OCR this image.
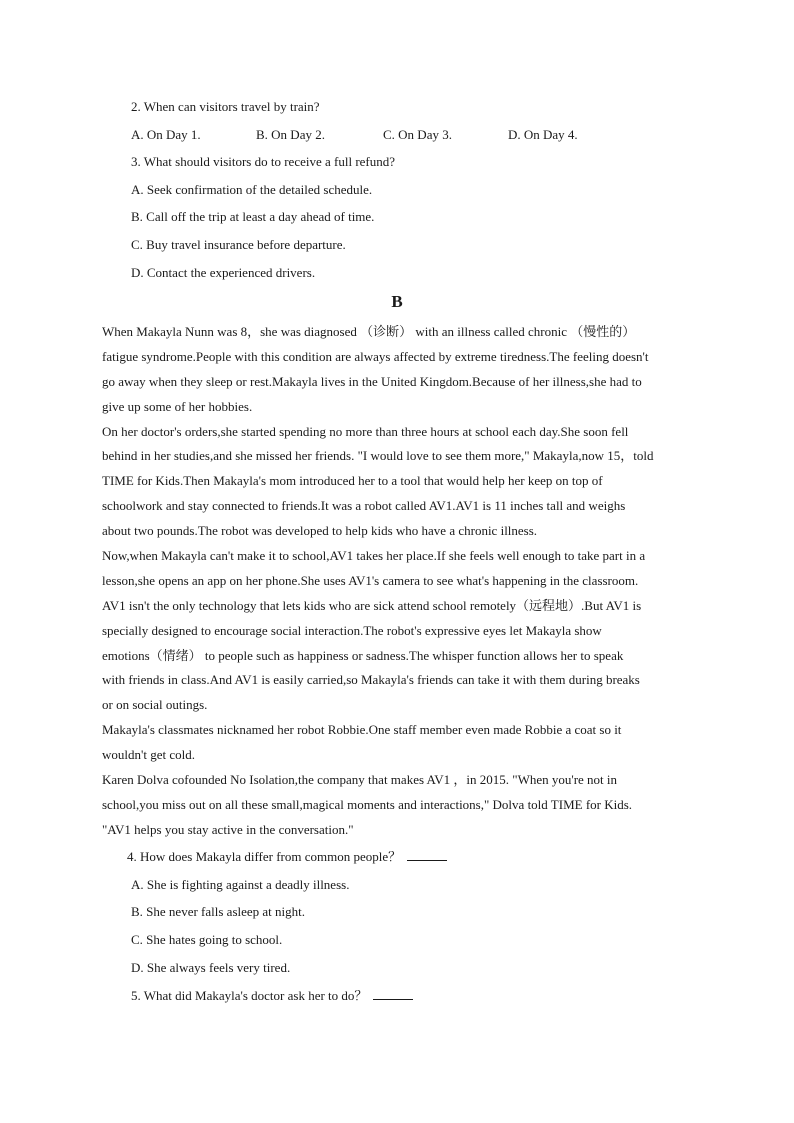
2. When can visitors travel by train?
A. On Day 1.	B. On Day 2.	C. On Day 3.	D. On Day 4.
3. What should visitors do to receive a full refund?
A. Seek confirmation of the detailed schedule.
B. Call off the trip at least a day ahead of time.
C. Buy travel insurance before departure.
D. Contact the experienced drivers.
B
When Makayla Nunn was 8，she was diagnosed （诊断） with an illness called chronic （慢性的）
fatigue syndrome.People with this condition are always affected by extreme tiredness.The feeling doesn't
go away when they sleep or rest.Makayla lives in the United Kingdom.Because of her illness,she had to
give up some of her hobbies.
On her doctor's orders,she started spending no more than three hours at school each day.She soon fell
behind in her studies,and she missed her friends. "I would love to see them more," Makayla,now 15，told
TIME for Kids.Then Makayla's mom introduced her to a tool that would help her keep on top of
schoolwork and stay connected to friends.It was a robot called AV1.AV1 is 11 inches tall and weighs
about two pounds.The robot was developed to help kids who have a chronic illness.
Now,when Makayla can't make it to school,AV1 takes her place.If she feels well enough to take part in a
lesson,she opens an app on her phone.She uses AV1's camera to see what's happening in the classroom.
AV1 isn't the only technology that lets kids who are sick attend school remotely（远程地）.But AV1 is
specially designed to encourage social interaction.The robot's expressive eyes let Makayla show
emotions（情绪） to people such as happiness or sadness.The whisper function allows her to speak
with friends in class.And AV1 is easily carried,so Makayla's friends can take it with them during breaks
or on social outings.
Makayla's classmates nicknamed her robot Robbie.One staff member even made Robbie a coat so it
wouldn't get cold.
Karen Dolva cofounded No Isolation,the company that makes AV1 ，in 2015. "When you're not in
school,you miss out on all these small,magical moments and interactions," Dolva told TIME for Kids.
"AV1 helps you stay active in the conversation."
4. How does Makayla differ from common people？
A. She is fighting against a deadly illness.
B. She never falls asleep at night.
C. She hates going to school.
D. She always feels very tired.
5. What did Makayla's doctor ask her to do？
